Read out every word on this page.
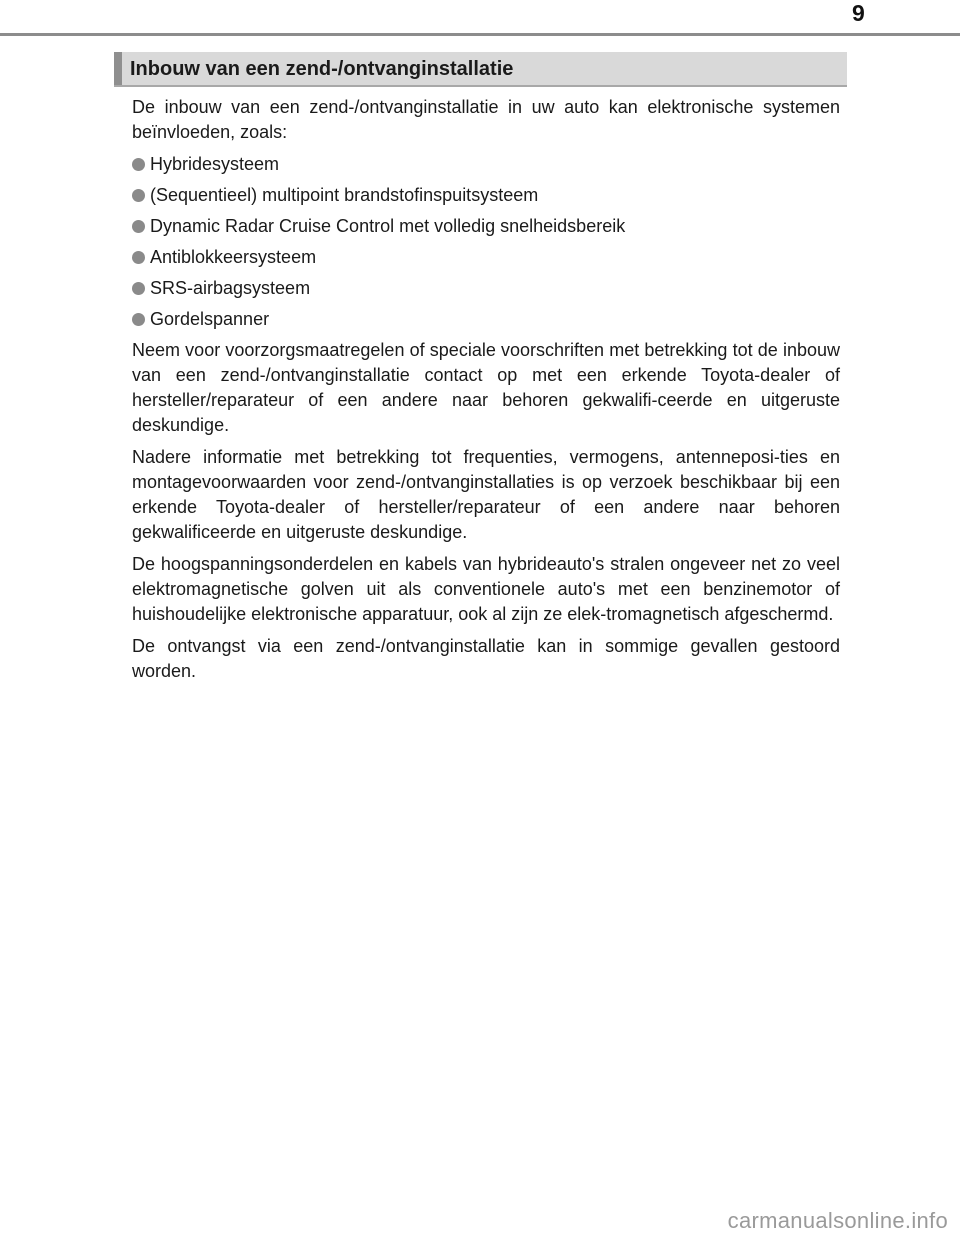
9
Inbouw van een zend-/ontvanginstallatie

De inbouw van een zend-/ontvanginstallatie in uw auto kan elektronische systemen beïnvloeden, zoals:

Hybridesysteem
(Sequentieel) multipoint brandstofinspuitsysteem
Dynamic Radar Cruise Control met volledig snelheidsbereik
Antiblokkeersysteem
SRS-airbagsysteem
Gordelspanner

Neem voor voorzorgsmaatregelen of speciale voorschriften met betrekking tot de inbouw van een zend-/ontvanginstallatie contact op met een erkende Toyota-dealer of hersteller/reparateur of een andere naar behoren gekwalifi-ceerde en uitgeruste deskundige.

Nadere informatie met betrekking tot frequenties, vermogens, antenneposi-ties en montagevoorwaarden voor zend-/ontvanginstallaties is op verzoek beschikbaar bij een erkende Toyota-dealer of hersteller/reparateur of een andere naar behoren gekwalificeerde en uitgeruste deskundige.

De hoogspanningsonderdelen en kabels van hybrideauto's stralen ongeveer net zo veel elektromagnetische golven uit als conventionele auto's met een benzinemotor of huishoudelijke elektronische apparatuur, ook al zijn ze elek-tromagnetisch afgeschermd.

De ontvangst via een zend-/ontvanginstallatie kan in sommige gevallen gestoord worden.

carmanualsonline.info
